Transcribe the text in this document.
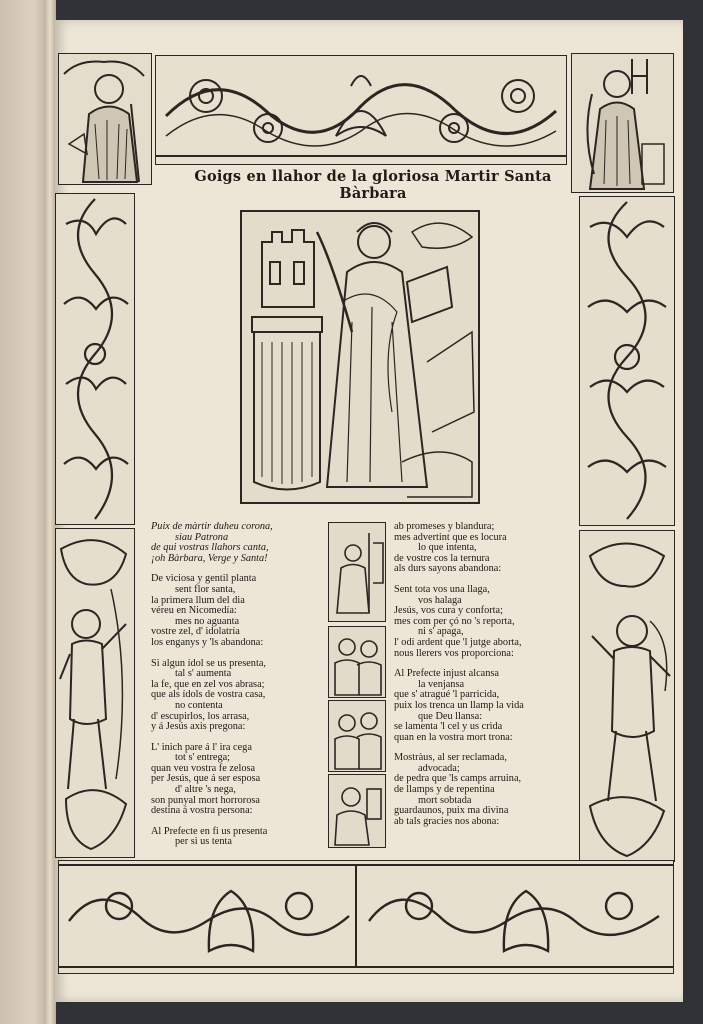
Goigs en llahor de la gloriosa Martir Santa Bàrbara

Puix de màrtir duheu corona,

siau Patrona

de qui vostras llahors canta,

¡oh Bàrbara, Verge y Santa!

De viciosa y gentil planta

sent flor santa,

la primera llum del dia

véreu en Nicomedía:

mes no aguanta

vostre zel, d' idolatría

los enganys y 'ls abandona:

Si algun ídol se us presenta,

tal s' aumenta

la fe, que en zel vos abrasa;

que als ídols de vostra casa,

no contenta

d' escupirlos, los arrasa,

y á Jesús axis pregona:

L' inich pare á l' ira cega

tot s' entrega;

quan veu vostra fe zelosa

per Jesús, que á ser esposa

d' altre 's nega,

son punyal mort horrorosa

destina á vostra persona:

Al Prefecte en fi us presenta

per si us tenta

ab promeses y blandura;

mes advertint que es locura

lo que intenta,

de vostre cos la ternura

als durs sayons abandona:

Sent tota vos una llaga,

vos halaga

Jesús, vos cura y conforta;

mes com per çó no 's reporta,

ni s' apaga,

l' odi ardent que 'l jutge aborta,

nous llerers vos proporciona:

Al Prefecte injust alcansa

la venjansa

que s' atragué 'l parricida,

puix los trenca un llamp la vida

que Deu llansa:

se lamenta 'l cel y us crida

quan en la vostra mort trona:

Mostràus, al ser reclamada,

advocada;

de pedra que 'ls camps arruina,

de llamps y de repentina

mort sobtada

guardaunos, puix ma divina

ab tals gracies nos abona:
